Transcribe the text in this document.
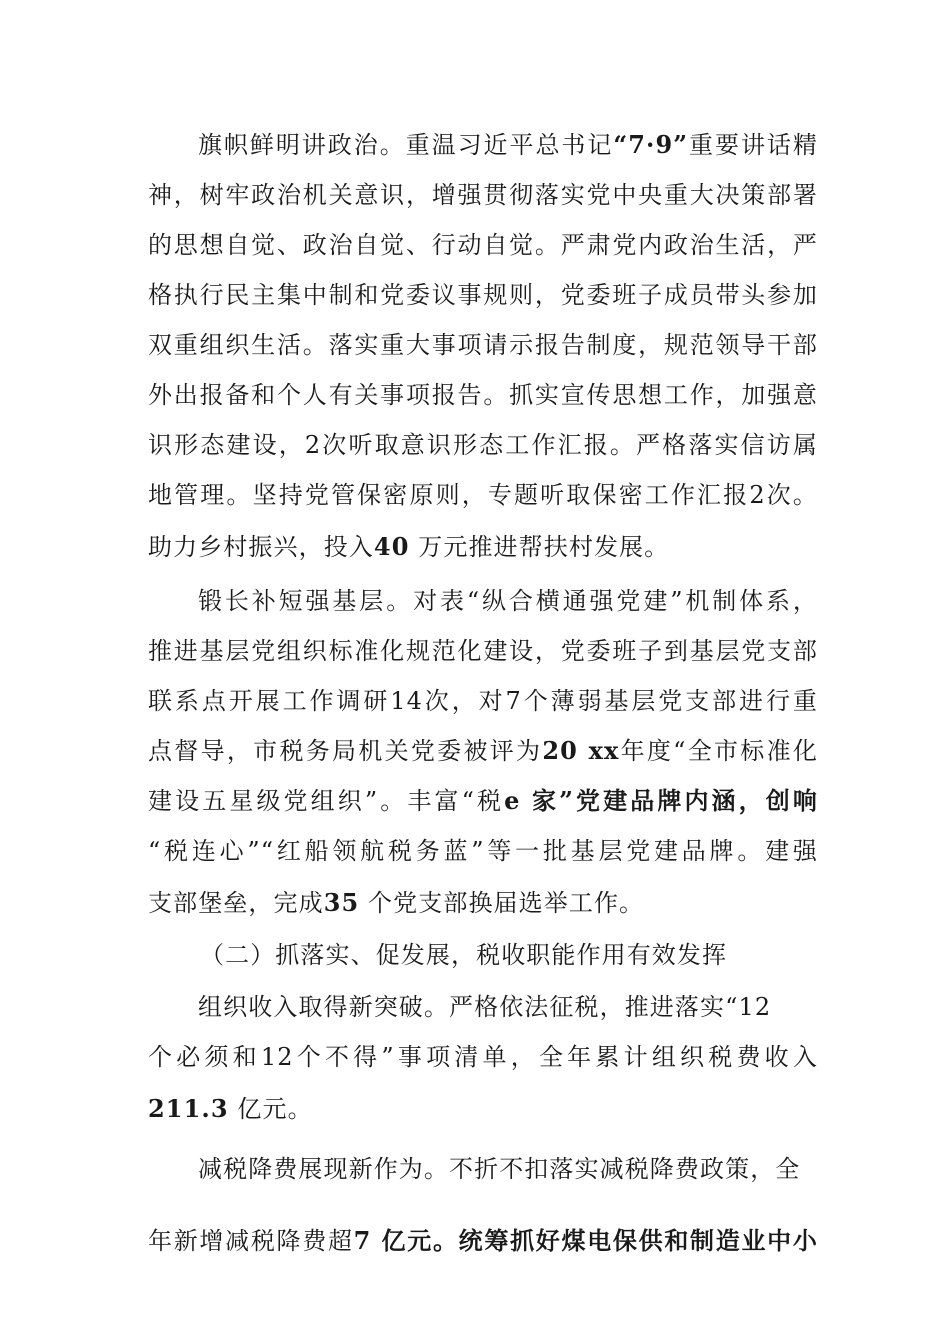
旗帜鲜明讲政治。重温习近平总书记“7·9”重要讲话精
神，树牢政治机关意识，增强贯彻落实党中央重大决策部署
的思想自觉、政治自觉、行动自觉。严肃党内政治生活，严
格执行民主集中制和党委议事规则，党委班子成员带头参加
双重组织生活。落实重大事项请示报告制度，规范领导干部
外出报备和个人有关事项报告。抓实宣传思想工作，加强意
识形态建设，2次听取意识形态工作汇报。严格落实信访属
地管理。坚持党管保密原则，专题听取保密工作汇报2次。
助力乡村振兴，投入40 万元推进帮扶村发展。
锻长补短强基层。对表“纵合横通强党建”机制体系，
推进基层党组织标准化规范化建设，党委班子到基层党支部
联系点开展工作调研14次，对7个薄弱基层党支部进行重
点督导，市税务局机关党委被评为20 xx年度“全市标准化
建设五星级党组织”。丰富“税e 家”党建品牌内涵，创响
“税连心”“红船领航税务蓝”等一批基层党建品牌。建强
支部堡垒，完成35 个党支部换届选举工作。
（二）抓落实、促发展，税收职能作用有效发挥
组织收入取得新突破。严格依法征税，推进落实“12
个必须和12个不得”事项清单，全年累计组织税费收入
211.3 亿元。
减税降费展现新作为。不折不扣落实减税降费政策，全
年新增减税降费超7 亿元。统筹抓好煤电保供和制造业中小
